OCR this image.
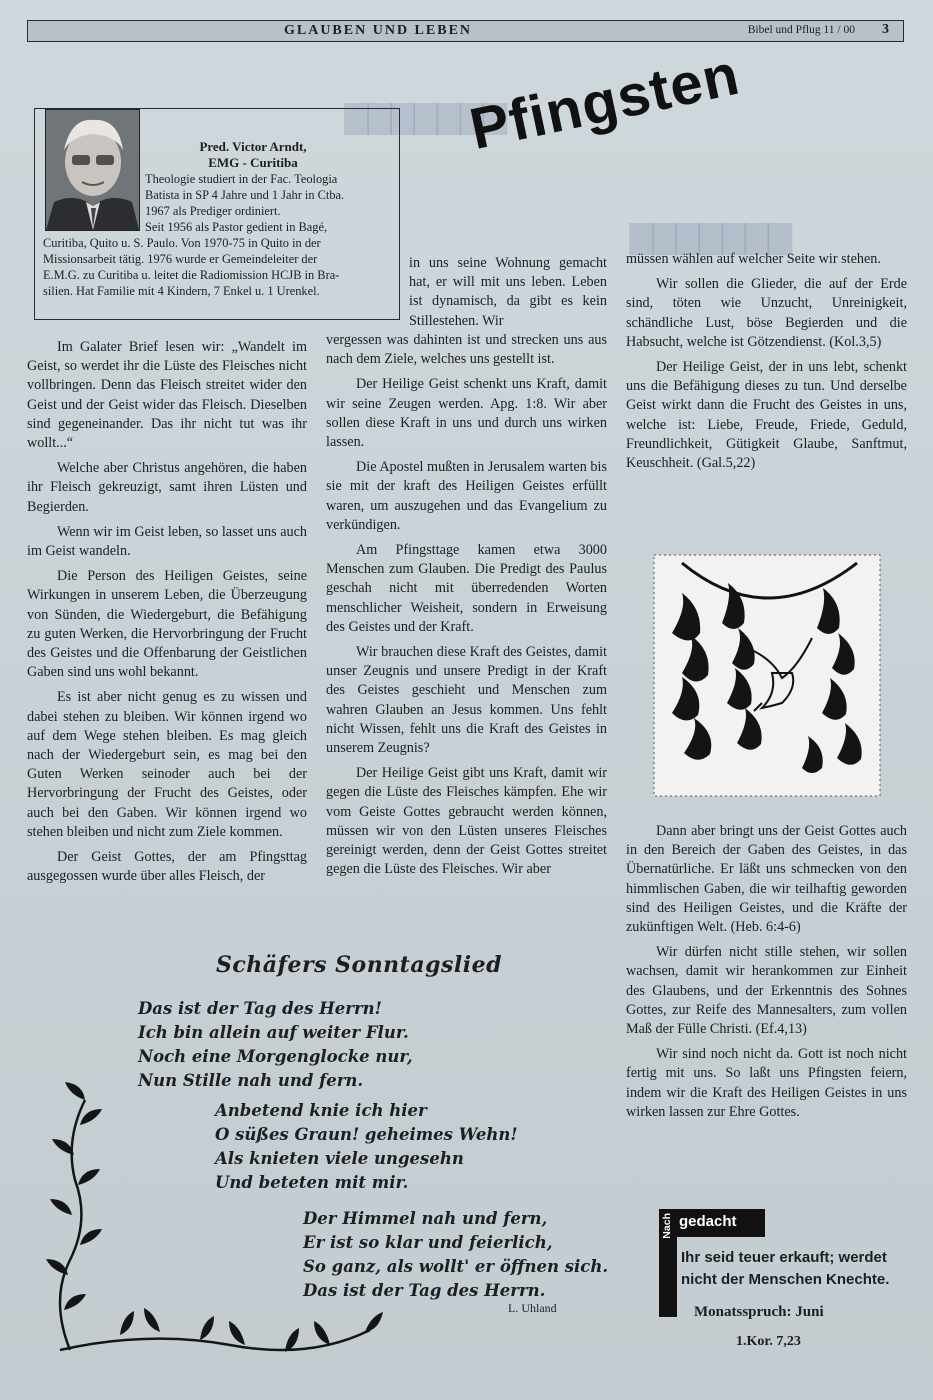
▇▇▇▇▇▇▇
▇▇▇▇▇▇▇
GLAUBEN UND LEBEN	Bibel und Pflug 11 / 00 3
Pred. Victor Arndt,
EMG - Curitiba
Theologie studiert in der Fac. Teologia
Batista in SP 4 Jahre und 1 Jahr in Ctba.
1967 als Prediger ordiniert.
Seit 1956 als Pastor gedient in Bagé,
Curitiba, Quito u. S. Paulo. Von 1970-75 in Quito in der
Missionsarbeit tätig. 1976 wurde er Gemeindeleiter der
E.M.G. zu Curitiba u. leitet die Radiomission HCJB in Bra-
silien. Hat Familie mit 4 Kindern, 7 Enkel u. 1 Urenkel.
Pfingsten

Im Galater Brief lesen wir: „Wandelt im Geist, so werdet ihr die Lüste des Fleisches nicht vollbringen. Denn das Fleisch streitet wider den Geist und der Geist wider das Fleisch. Dieselben sind gegeneinander. Das ihr nicht tut was ihr wollt...“

Welche aber Christus angehören, die haben ihr Fleisch gekreuzigt, samt ihren Lüsten und Begierden.

Wenn wir im Geist leben, so lasset uns auch im Geist wandeln.

Die Person des Heiligen Geistes, seine Wirkungen in unserem Leben, die Überzeugung von Sünden, die Wiedergeburt, die Befähigung zu guten Werken, die Hervorbringung der Frucht des Geistes und die Offenbarung der Geistlichen Gaben sind uns wohl bekannt.

Es ist aber nicht genug es zu wissen und dabei stehen zu bleiben. Wir können irgend wo auf dem Wege stehen bleiben. Es mag gleich nach der Wiedergeburt sein, es mag bei den Guten Werken seinoder auch bei der Hervorbringung der Frucht des Geistes, oder auch bei den Gaben. Wir können irgend wo stehen bleiben und nicht zum Ziele kommen.

Der Geist Gottes, der am Pfingsttag ausgegossen wurde über alles Fleisch, der

in uns seine Wohnung gemacht hat, er will mit uns leben. Leben ist dynamisch, da gibt es kein Stillestehen. Wir

vergessen was dahinten ist und strecken uns aus nach dem Ziele, welches uns gestellt ist.

Der Heilige Geist schenkt uns Kraft, damit wir seine Zeugen werden. Apg. 1:8. Wir aber sollen diese Kraft in uns und durch uns wirken lassen.

Die Apostel mußten in Jerusalem warten bis sie mit der kraft des Heiligen Geistes erfüllt waren, um auszugehen und das Evangelium zu verkündigen.

Am Pfingsttage kamen etwa 3000 Menschen zum Glauben. Die Predigt des Paulus geschah nicht mit überredenden Worten menschlicher Weisheit, sondern in Erweisung des Geistes und der Kraft.

Wir brauchen diese Kraft des Geistes, damit unser Zeugnis und unsere Predigt in der Kraft des Geistes geschieht und Menschen zum wahren Glauben an Jesus kommen. Uns fehlt nicht Wissen, fehlt uns die Kraft des Geistes in unserem Zeugnis?

Der Heilige Geist gibt uns Kraft, damit wir gegen die Lüste des Fleisches kämpfen. Ehe wir vom Geiste Gottes gebraucht werden können, müssen wir von den Lüsten unseres Fleisches gereinigt werden, denn der Geist Gottes streitet gegen die Lüste des Fleisches. Wir aber

müssen wählen auf welcher Seite wir stehen.

Wir sollen die Glieder, die auf der Erde sind, töten wie Unzucht, Unreinigkeit, schändliche Lust, böse Begierden und die Habsucht, welche ist Götzendienst. (Kol.3,5)

Der Heilige Geist, der in uns lebt, schenkt uns die Befähigung dieses zu tun. Und derselbe Geist wirkt dann die Frucht des Geistes in uns, welche ist: Liebe, Freude, Friede, Geduld, Freundlichkeit, Gütigkeit Glaube, Sanftmut, Keuschheit. (Gal.5,22)

Dann aber bringt uns der Geist Gottes auch in den Bereich der Gaben des Geistes, in das Übernatürliche. Er läßt uns schmecken von den himmlischen Gaben, die wir teilhaftig geworden sind des Heiligen Geistes, und die Kräfte der zukünftigen Welt. (Heb. 6:4-6)

Wir dürfen nicht stille stehen, wir sollen wachsen, damit wir herankommen zur Einheit des Glaubens, und der Erkenntnis des Sohnes Gottes, zur Reife des Mannesalters, zum vollen Maß der Fülle Christi. (Ef.4,13)

Wir sind noch nicht da. Gott ist noch nicht fertig mit uns. So laßt uns Pfingsten feiern, indem wir die Kraft des Heiligen Geistes in uns wirken lassen zur Ehre Gottes.

Schäfers Sonntagslied
Das ist der Tag des Herrn!
Ich bin allein auf weiter Flur.
Noch eine Morgenglocke nur,
Nun Stille nah und fern.
Anbetend knie ich hier
O süßes Graun! geheimes Wehn!
Als knieten viele ungesehn
Und beteten mit mir.
Der Himmel nah und fern,
Er ist so klar und feierlich,
So ganz, als wollt' er öffnen sich.
Das ist der Tag des Herrn.
L. Uhland
Nach gedacht
Ihr seid teuer erkauft; werdet nicht der Menschen Knechte.
Monatsspruch: Juni
1.Kor. 7,23
